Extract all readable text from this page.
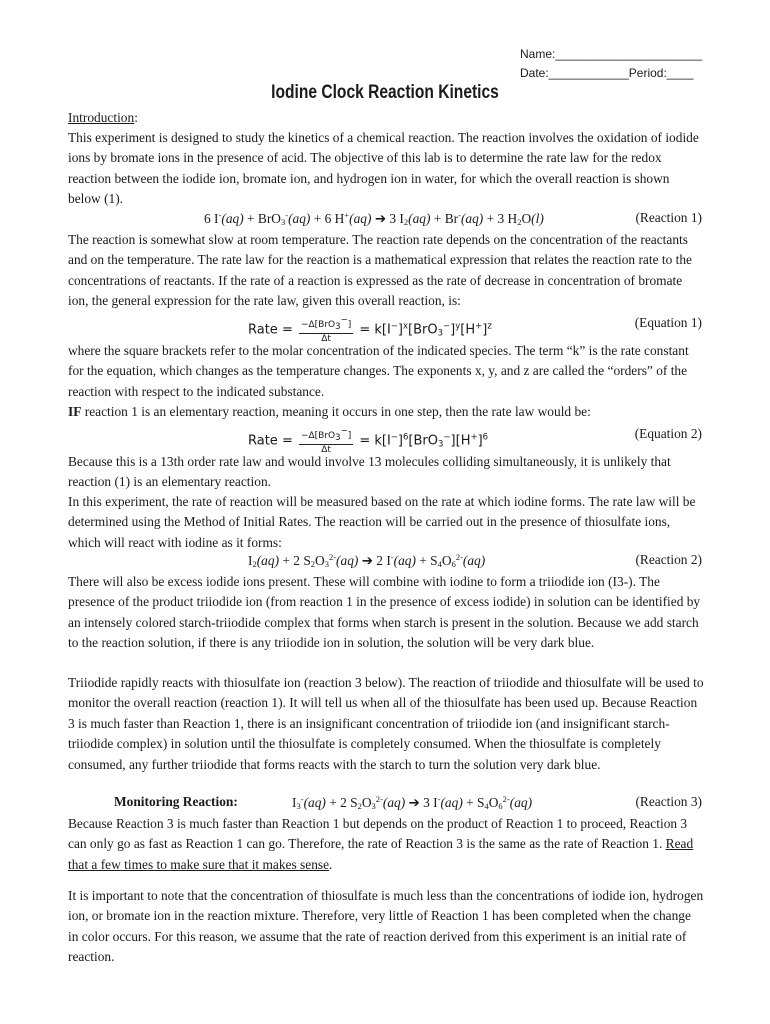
Name:______________________
Date:____________Period:____
Iodine Clock Reaction Kinetics
Introduction:
This experiment is designed to study the kinetics of a chemical reaction. The reaction involves the oxidation of iodide ions by bromate ions in the presence of acid. The objective of this lab is to determine the rate law for the redox reaction between the iodide ion, bromate ion, and hydrogen ion in water, for which the overall reaction is shown below (1).
6 I-(aq) + BrO$_3$-(aq) + 6 H+(aq) ➔ 3 $I_2(aq) + Br^-(aq) + 3$ $H_2O(l)$	(Reaction 1)
The reaction is somewhat slow at room temperature. The reaction rate depends on the concentration of the reactants and on the temperature. The rate law for the reaction is a mathematical expression that relates the reaction rate to the concentrations of reactants. If the rate of a reaction is expressed as the rate of decrease in concentration of bromate ion, the general expression for the rate law, given this overall reaction, is:
Rate = $\frac{-\Delta[BrO_3^-]}{\Delta t} = k[I^-]^x[BrO_3^-]^y[H^+]^z$	(Equation 1)
where the square brackets refer to the molar concentration of the indicated species. The term “k” is the rate constant for the equation, which changes as the temperature changes. The exponents x, y, and z are called the “orders” of the reaction with respect to the indicated substance.
IF reaction 1 is an elementary reaction, meaning it occurs in one step, then the rate law would be:
Rate = $\frac{-\Delta[BrO_3^-]}{\Delta t} = k[I^-]^6[BrO_3^-][H^+]^6$	(Equation 2)
Because this is a 13th order rate law and would involve 13 molecules colliding simultaneously, it is unlikely that reaction (1) is an elementary reaction.
In this experiment, the rate of reaction will be measured based on the rate at which iodine forms. The rate law will be determined using the Method of Initial Rates. The reaction will be carried out in the presence of thiosulfate ions, which will react with iodine as it forms:
$I_2(aq) + 2$ $S_2O_3^{2-}(aq)$ ➔ 2 $I^-(aq) + S_4O_6^{2-}(aq)$	(Reaction 2)
There will also be excess iodide ions present. These will combine with iodine to form a triiodide ion (I3-). The presence of the product triiodide ion (from reaction 1 in the presence of excess iodide) in solution can be identified by an intensely colored starch-triiodide complex that forms when starch is present in the solution. Because we add starch to the reaction solution, if there is any triiodide ion in solution, the solution will be very dark blue.
Triiodide rapidly reacts with thiosulfate ion (reaction 3 below). The reaction of triiodide and thiosulfate will be used to monitor the overall reaction (reaction 1). It will tell us when all of the thiosulfate has been used up. Because Reaction 3 is much faster than Reaction 1, there is an insignificant concentration of triiodide ion (and insignificant starch-triiodide complex) in solution until the thiosulfate is completely consumed. When the thiosulfate is completely consumed, any further triiodide that forms reacts with the starch to turn the solution very dark blue.
Monitoring Reaction:	$I_3^-(aq) + 2$ $S_2O_3^{2-}(aq)$ ➔ 3 $I^-(aq) + S_4O_6^{2-}(aq)$	(Reaction 3)
Because Reaction 3 is much faster than Reaction 1 but depends on the product of Reaction 1 to proceed, Reaction 3 can only go as fast as Reaction 1 can go. Therefore, the rate of Reaction 3 is the same as the rate of Reaction 1. Read that a few times to make sure that it makes sense.
It is important to note that the concentration of thiosulfate is much less than the concentrations of iodide ion, hydrogen ion, or bromate ion in the reaction mixture. Therefore, very little of Reaction 1 has been completed when the change in color occurs. For this reason, we assume that the rate of reaction derived from this experiment is an initial rate of reaction.
